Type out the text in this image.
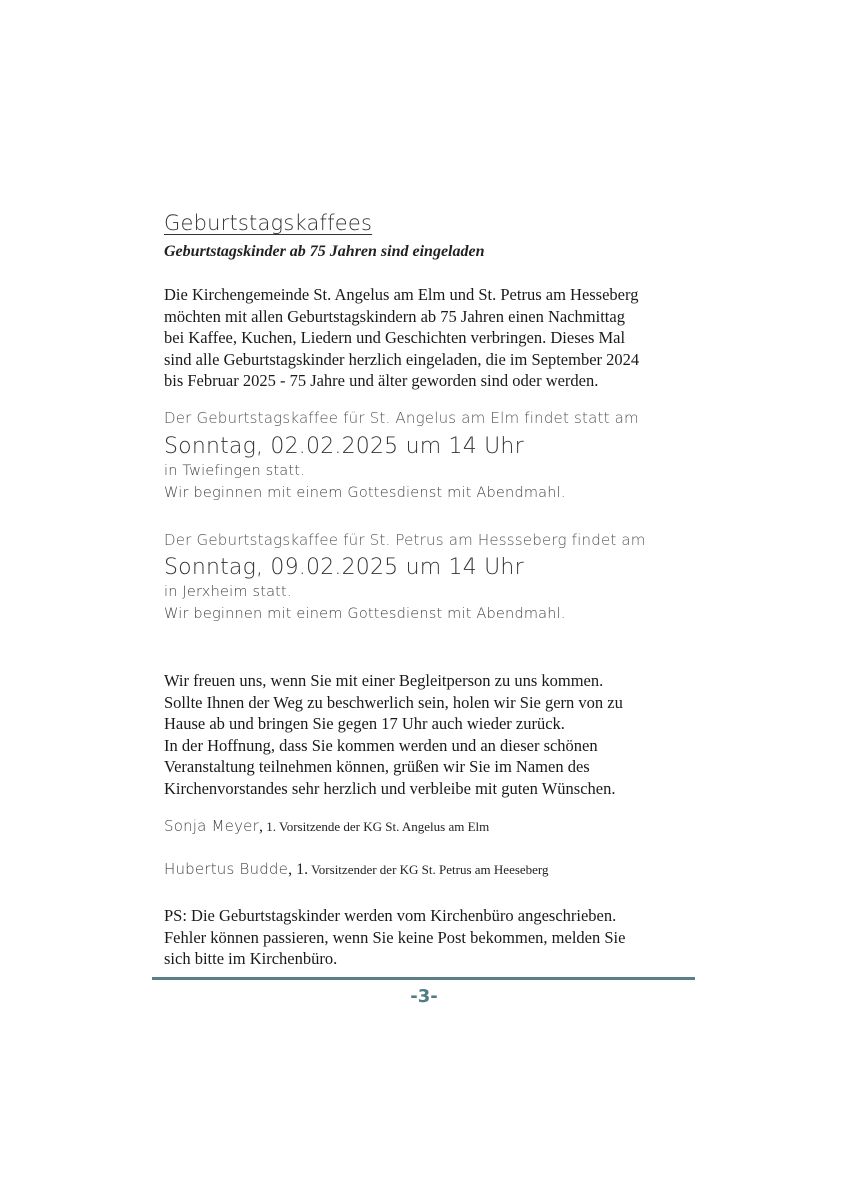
Geburtstagskaffees
Geburtstagskinder ab 75 Jahren sind eingeladen
Die Kirchengemeinde St. Angelus am Elm und St. Petrus am Hesseberg
möchten mit allen Geburtstagskindern ab 75 Jahren einen Nachmittag
bei Kaffee, Kuchen, Liedern und Geschichten verbringen. Dieses Mal
sind alle Geburtstagskinder herzlich eingeladen, die im September 2024
bis Februar 2025 - 75 Jahre und älter geworden sind oder werden.
Der Geburtstagskaffee für St. Angelus am Elm findet statt am
Sonntag, 02.02.2025 um 14 Uhr
in Twiefingen statt.
Wir beginnen mit einem Gottesdienst mit Abendmahl.
Der Geburtstagskaffee für St. Petrus am Hessseberg findet am
Sonntag, 09.02.2025 um 14 Uhr
in Jerxheim statt.
Wir beginnen mit einem Gottesdienst mit Abendmahl.
Wir freuen uns, wenn Sie mit einer Begleitperson zu uns kommen.
Sollte Ihnen der Weg zu beschwerlich sein, holen wir Sie gern von zu
Hause ab und bringen Sie gegen 17 Uhr auch wieder zurück.
In der Hoffnung, dass Sie kommen werden und an dieser schönen
Veranstaltung teilnehmen können, grüßen wir Sie im Namen des
Kirchenvorstandes sehr herzlich und verbleibe mit guten Wünschen.
Sonja Meyer, 1. Vorsitzende der KG St. Angelus am Elm
Hubertus Budde, 1. Vorsitzender der KG St. Petrus am Heeseberg
PS: Die Geburtstagskinder werden vom Kirchenbüro angeschrieben.
Fehler können passieren, wenn Sie keine Post bekommen, melden Sie
sich bitte im Kirchenbüro.
-3-
